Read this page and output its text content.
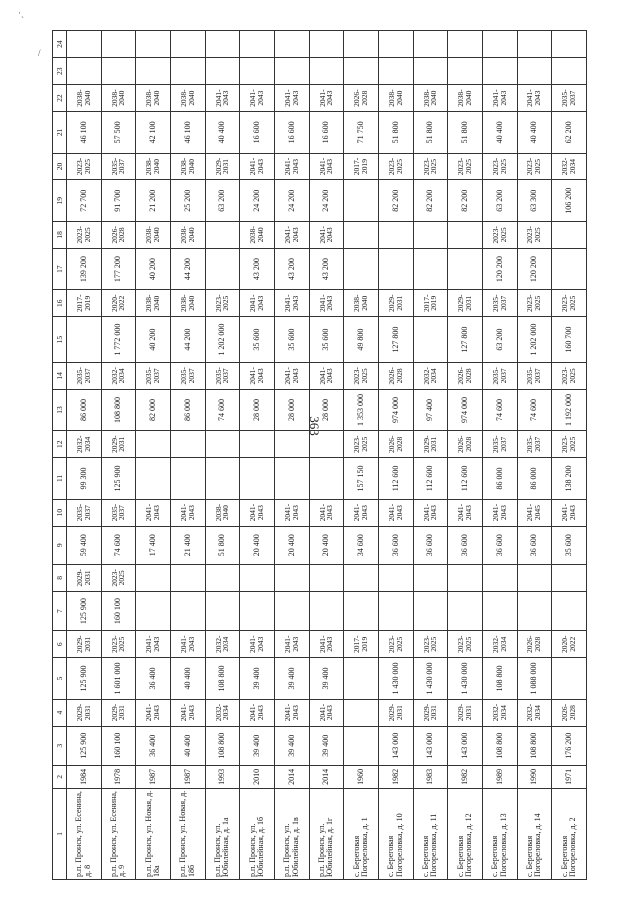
363
·ˎ
/
1	2	3	4	5	6	7	8	9	10	11	12	13	14	15	16	17	18	19	20	21	22	23	24
р.п. Пронск, ул. Есенина, д. 8	1984	125 900	2029-2031	125 900	2029-2031	125 900	2029-2031	59 400	2035-2037	99 300	2032-2034	86 000	2035-2037		2017-2019	139 200	2023-2025	72 700	2023-2025	46 100	2038-2040		
р.п. Пронск, ул. Есенина, д. 9	1978	160 100	2029-2031	1 601 000	2023-2025	160 100	2023-2025	74 600	2035-2037	125 900	2029-2031	108 800	2032-2034	1 772 000	2020-2022	177 200	2026-2028	91 700	2035-2037	57 500	2038-2040		
р.п. Пронск, ул. Новая, д. 18а	1987	36 400	2041-2043	36 400	2041-2043			17 400	2041-2043			82 000	2035-2037	40 200	2038-2040	40 200	2038-2040	21 200	2038-2040	42 100	2038-2040		
р.п. Пронск, ул. Новая, д. 18б	1987	40 400	2041-2043	40 400	2041-2043			21 400	2041-2043			86 000	2035-2037	44 200	2038-2040	44 200	2038-2040	25 200	2038-2040	46 100	2038-2040		
р.п. Пронск, ул. Юбилейная, д. 1а	1993	108 800	2032-2034	108 800	2032-2034			51 800	2038-2040			74 600	2035-2037	1 202 000	2023-2025			63 200	2029-2031	40 400	2041-2043		
р.п. Пронск, ул. Юбилейная, д. 1б	2010	39 400	2041-2043	39 400	2041-2043			20 400	2041-2043			28 000	2041-2043	35 600	2041-2043	43 200	2038-2040	24 200	2041-2043	16 600	2041-2043		
р.п. Пронск, ул. Юбилейная, д. 1в	2014	39 400	2041-2043	39 400	2041-2043			20 400	2041-2043			28 000	2041-2043	35 600	2041-2043	43 200	2041-2043	24 200	2041-2043	16 600	2041-2043		
р.п. Пронск, ул. Юбилейная, д. 1г	2014	39 400	2041-2043	39 400	2041-2043			20 400	2041-2043			28 000	2041-2043	35 600	2041-2043	43 200	2041-2043	24 200	2041-2043	16 600	2041-2043		
с. Береговая Погореловка, д. 1	1960				2017-2019			34 600	2041-2043	157 150	2023-2025	1 353 000	2023-2025	49 800	2038-2040				2017-2019	71 750	2026-2028		
с. Береговая Погореловка, д. 10	1982	143 000	2029-2031	1 430 000	2023-2025			36 600	2041-2043	112 600	2026-2028	974 000	2026-2028	127 800	2029-2031			82 200	2023-2025	51 800	2038-2040		
с. Береговая Погореловка, д. 11	1983	143 000	2029-2031	1 430 000	2023-2025			36 600	2041-2043	112 600	2029-2031	97 400	2032-2034		2017-2019			82 200	2023-2025	51 800	2038-2040		
с. Береговая Погореловка, д. 12	1982	143 000	2029-2031	1 430 000	2023-2025			36 600	2041-2043	112 600	2026-2028	974 000	2026-2028	127 800	2029-2031			82 200	2023-2025	51 800	2038-2040		
с. Береговая Погореловка, д. 13	1989	108 800	2032-2034	108 800	2032-2034			36 600	2041-2043	86 000	2035-2037	74 600	2035-2037	63 200	2035-2037	120 200	2023-2025	63 200	2023-2025	40 400	2041-2043		
с. Береговая Погореловка, д. 14	1990	108 800	2032-2034	1 088 000	2026-2028			36 600	2041-2045	86 000	2035-2037	74 600	2035-2037	1 202 000	2023-2025	120 200	2023-2025	63 300	2023-2025	40 400	2041-2043		
с. Береговая Погореловка, д. 2	1971	176 200	2026-2028		2020-2022			35 600	2041-2043	138 200	2023-2025	1 192 000	2023-2025	160 700	2023-2025			106 200	2032-2034	62 200	2035-2037		
